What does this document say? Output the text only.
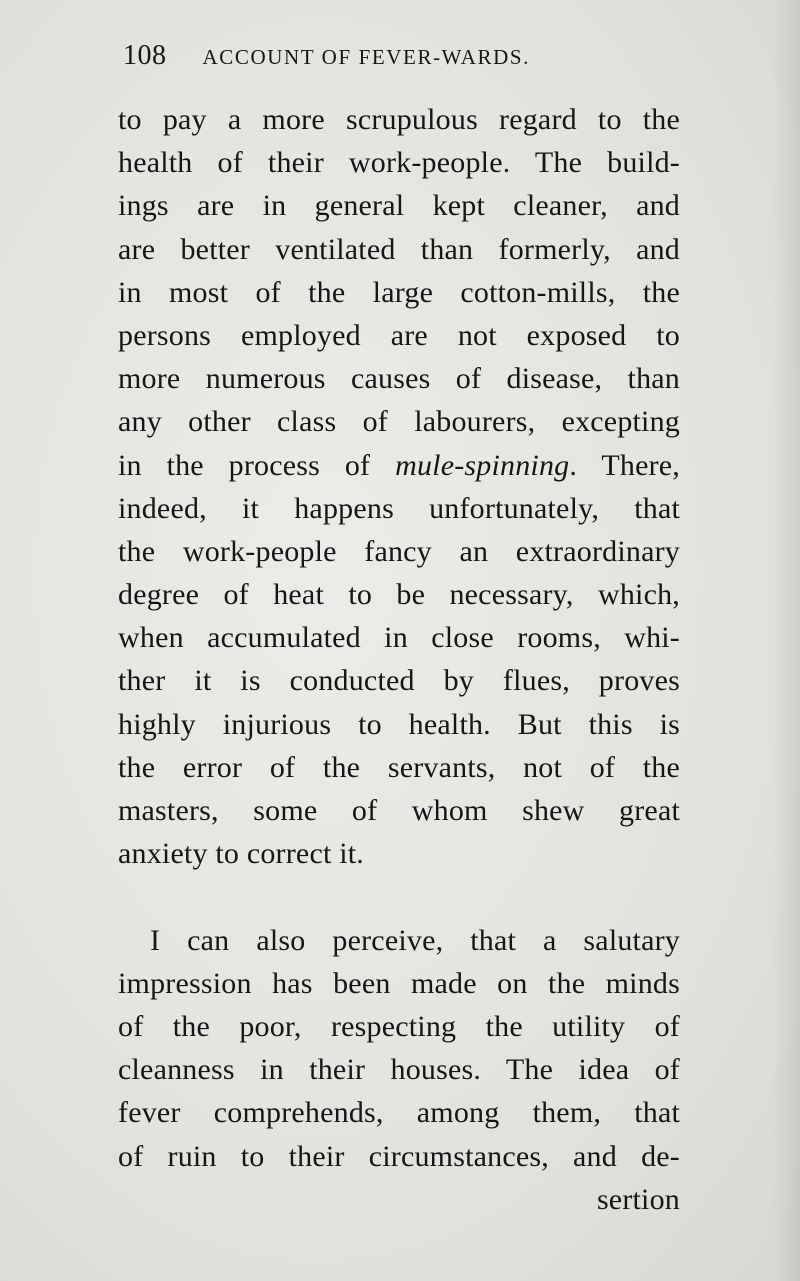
108 ACCOUNT OF FEVER-WARDS.
to pay a more scrupulous regard to the
health of their work-people. The build-
ings are in general kept cleaner, and
are better ventilated than formerly, and
in most of the large cotton-mills, the
persons employed are not exposed to
more numerous causes of disease, than
any other class of labourers, excepting
in the process of mule-spinning. There,
indeed, it happens unfortunately, that
the work-people fancy an extraordinary
degree of heat to be necessary, which,
when accumulated in close rooms, whi-
ther it is conducted by flues, proves
highly injurious to health. But this is
the error of the servants, not of the
masters, some of whom shew great
anxiety to correct it.
I can also perceive, that a salutary
impression has been made on the minds
of the poor, respecting the utility of
cleanness in their houses. The idea of
fever comprehends, among them, that
of ruin to their circumstances, and de-
sertion
